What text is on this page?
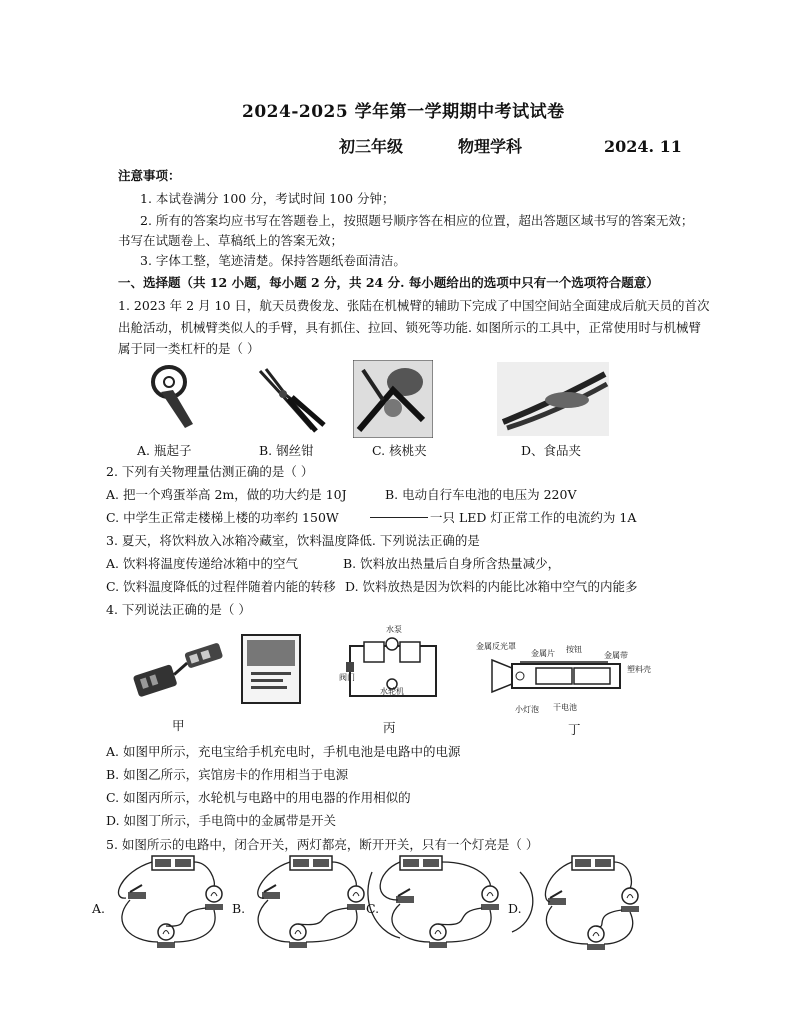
2024-2025 学年第一学期期中考试试卷
初三年级	物理学科	2024. 11
注意事项：
1. 本试卷满分 100 分，考试时间 100 分钟；
2. 所有的答案均应书写在答题卷上，按照题号顺序答在相应的位置，超出答题区域书写的答案无效；
书写在试题卷上、草稿纸上的答案无效；
3. 字体工整，笔迹清楚。保持答题纸卷面清洁。
一、选择题（共 12 小题，每小题 2 分，共 24 分. 每小题给出的选项中只有一个选项符合题意）
1. 2023 年 2 月 10 日，航天员费俊龙、张陆在机械臂的辅助下完成了中国空间站全面建成后航天员的首次
出舱活动，机械臂类似人的手臂，具有抓住、拉回、锁死等功能. 如图所示的工具中，正常使用时与机械臂
属于同一类杠杆的是（ ）
A. 瓶起子	B. 钢丝钳	C. 核桃夹	D、食品夹
2. 下列有关物理量估测正确的是（ ）
A. 把一个鸡蛋举高 2m，做的功大约是 10J	B. 电动自行车电池的电压为 220V
C. 中学生正常走楼梯上楼的功率约 150W	一只 LED 灯正常工作的电流约为 1A
3. 夏天，将饮料放入冰箱冷藏室，饮料温度降低. 下列说法正确的是
A. 饮料将温度传递给冰箱中的空气	B. 饮料放出热量后自身所含热量减少，
C. 饮料温度降低的过程伴随着内能的转移 D. 饮料放热是因为饮料的内能比冰箱中空气的内能多
4. 下列说法正确的是（ ）
水泵
阀门
水轮机
金属反光罩
金属片 按钮
金属带
塑料壳
小灯泡 干电池
甲	丙	丁
A. 如图甲所示，充电宝给手机充电时，手机电池是电路中的电源
B. 如图乙所示，宾馆房卡的作用相当于电源
C. 如图丙所示，水轮机与电路中的用电器的作用相似的
D. 如图丁所示，手电筒中的金属带是开关
5. 如图所示的电路中，闭合开关，两灯都亮，断开开关，只有一个灯亮是（ ）
A.	B.	C.	D.
